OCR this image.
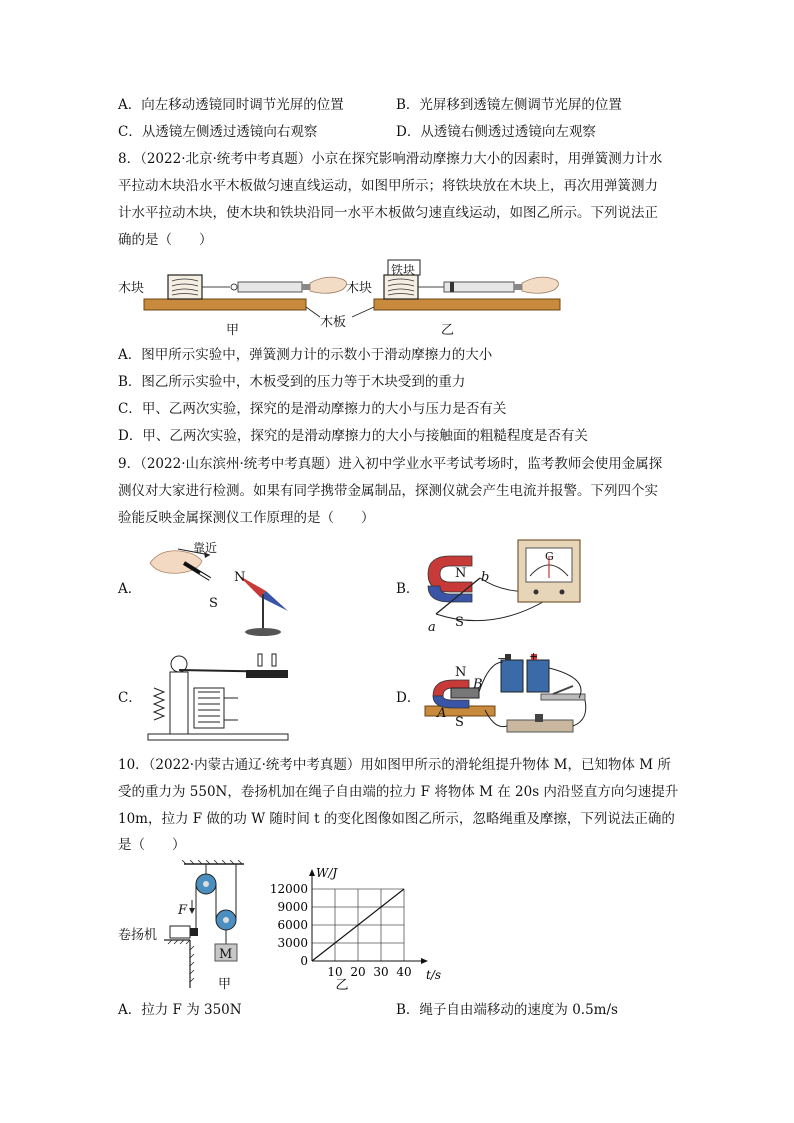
A．向左移动透镜同时调节光屏的位置	B．光屏移到透镜左侧调节光屏的位置
C．从透镜左侧透过透镜向右观察	D．从透镜右侧透过透镜向左观察
8．（2022·北京·统考中考真题）小京在探究影响滑动摩擦力大小的因素时，用弹簧测力计水
平拉动木块沿水平木板做匀速直线运动，如图甲所示；将铁块放在木块上，再次用弹簧测力
计水平拉动木块，使木块和铁块沿同一水平木板做匀速直线运动，如图乙所示。下列说法正
确的是（　　）
木块	木块
铁块
木板
甲	乙
A．图甲所示实验中，弹簧测力计的示数小于滑动摩擦力的大小
B．图乙所示实验中，木板受到的压力等于木块受到的重力
C．甲、乙两次实验，探究的是滑动摩擦力的大小与压力是否有关
D．甲、乙两次实验，探究的是滑动摩擦力的大小与接触面的粗糙程度是否有关
9．（2022·山东滨州·统考中考真题）进入初中学业水平考试考场时，监考教师会使用金属探
测仪对大家进行检测。如果有同学携带金属制品，探测仪就会产生电流并报警。下列四个实
验能反映金属探测仪工作原理的是（　　）
A．	B．
C．	D．
靠近
N
S
N
S
a
b
G
N
S
A
B
+
−
10．（2022·内蒙古通辽·统考中考真题）用如图甲所示的滑轮组提升物体 M，已知物体 M 所
受的重力为 550N，卷扬机加在绳子自由端的拉力 F 将物体 M 在 20s 内沿竖直方向匀速提升
10m，拉力 F 做的功 W 随时间 t 的变化图像如图乙所示，忽略绳重及摩擦，下列说法正确的
是（　　）
卷扬机
F
M
甲
10 20 30 40
3000
6000
9000
12000
0
t/s
W/J
乙
A．拉力 F 为 350N	B．绳子自由端移动的速度为 0.5m/s
